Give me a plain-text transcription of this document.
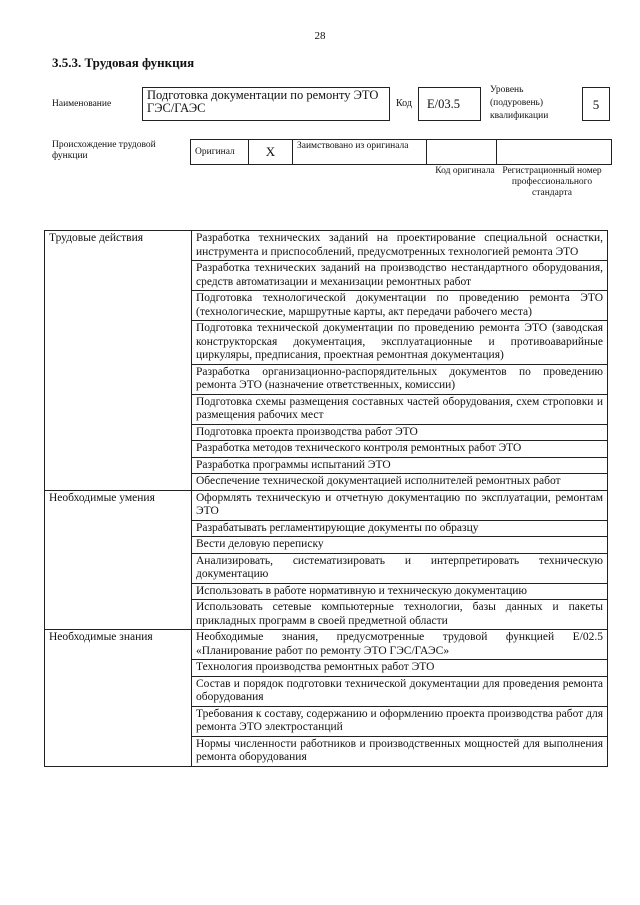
28
3.5.3. Трудовая функция
Наименование
Подготовка документации по ремонту ЭТО ГЭС/ГАЭС	Код	E/03.5
Уровень (подуровень) квалификации
5
Происхождение трудовой функции	Оригинал	X	Заимствовано из оригинала
Код оригинала Регистрационный номер профессионального стандарта
Трудовые действия	Разработка технических заданий на проектирование специальной оснастки, инструмента и приспособлений, предусмотренных технологией ремонта ЭТО
	Разработка технических заданий на производство нестандартного оборудования, средств автоматизации и механизации ремонтных работ
	Подготовка технологической документации по проведению ремонта ЭТО (технологические, маршрутные карты, акт передачи рабочего места)
	Подготовка технической документации по проведению ремонта ЭТО (заводская конструкторская документация, эксплуатационные и противоаварийные циркуляры, предписания, проектная ремонтная документация)
	Разработка организационно-распорядительных документов по проведению ремонта ЭТО (назначение ответственных, комиссии)
	Подготовка схемы размещения составных частей оборудования, схем строповки и размещения рабочих мест
	Подготовка проекта производства работ ЭТО
	Разработка методов технического контроля ремонтных работ ЭТО
	Разработка программы испытаний ЭТО
	Обеспечение технической документацией исполнителей ремонтных работ
Необходимые умения	Оформлять техническую и отчетную документацию по эксплуатации, ремонтам ЭТО
	Разрабатывать регламентирующие документы по образцу
	Вести деловую переписку
	Анализировать, систематизировать и интерпретировать техническую документацию
	Использовать в работе нормативную и техническую документацию
	Использовать сетевые компьютерные технологии, базы данных и пакеты прикладных программ в своей предметной области
Необходимые знания	Необходимые знания, предусмотренные трудовой функцией E/02.5 «Планирование работ по ремонту ЭТО ГЭС/ГАЭС»
	Технология производства ремонтных работ ЭТО
	Состав и порядок подготовки технической документации для проведения ремонта оборудования
	Требования к составу, содержанию и оформлению проекта производства работ для ремонта ЭТО электростанций
	Нормы численности работников и производственных мощностей для выполнения ремонта оборудования
